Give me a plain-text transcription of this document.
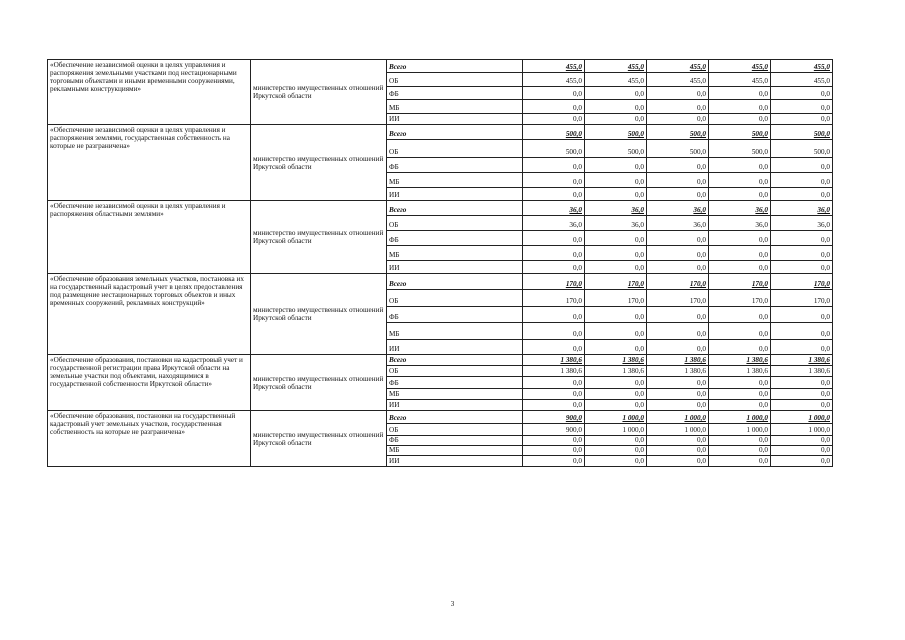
«Обеспечение независимой оценки в целях управления и распоряжения земельными участками под нестационарными торговыми объектами и иными временными сооружениями, рекламными конструкциями»	министерство имущественных отношений Иркутской области	Всего	455,0	455,0	455,0	455,0	455,0
		ОБ	455,0	455,0	455,0	455,0	455,0
		ФБ	0,0	0,0	0,0	0,0	0,0
		МБ	0,0	0,0	0,0	0,0	0,0
		ИИ	0,0	0,0	0,0	0,0	0,0
«Обеспечение независимой оценки в целях управления и распоряжения землями, государственная собственность на которые не разграничена»	министерство имущественных отношений Иркутской области	Всего	500,0	500,0	500,0	500,0	500,0
		ОБ	500,0	500,0	500,0	500,0	500,0
		ФБ	0,0	0,0	0,0	0,0	0,0
		МБ	0,0	0,0	0,0	0,0	0,0
		ИИ	0,0	0,0	0,0	0,0	0,0
«Обеспечение независимой оценки в целях управления и распоряжения областными землями»	министерство имущественных отношений Иркутской области	Всего	36,0	36,0	36,0	36,0	36,0
		ОБ	36,0	36,0	36,0	36,0	36,0
		ФБ	0,0	0,0	0,0	0,0	0,0
		МБ	0,0	0,0	0,0	0,0	0,0
		ИИ	0,0	0,0	0,0	0,0	0,0
«Обеспечение образования земельных участков, постановка их на государственный кадастровый учет в целях предоставления под размещение нестационарных торговых объектов и иных временных сооружений, рекламных конструкций»	министерство имущественных отношений Иркутской области	Всего	170,0	170,0	170,0	170,0	170,0
		ОБ	170,0	170,0	170,0	170,0	170,0
		ФБ	0,0	0,0	0,0	0,0	0,0
		МБ	0,0	0,0	0,0	0,0	0,0
		ИИ	0,0	0,0	0,0	0,0	0,0
«Обеспечение образования, постановки на кадастровый учет и государственной регистрации права Иркутской области на земельные участки под объектами, находящимися в государственной собственности Иркутской области»	министерство имущественных отношений Иркутской области	Всего	1 380,6	1 380,6	1 380,6	1 380,6	1 380,6
		ОБ	1 380,6	1 380,6	1 380,6	1 380,6	1 380,6
		ФБ	0,0	0,0	0,0	0,0	0,0
		МБ	0,0	0,0	0,0	0,0	0,0
		ИИ	0,0	0,0	0,0	0,0	0,0
«Обеспечение образования, постановки на государственный кадастровый учет земельных участков, государственная собственность на которые не разграничена»	министерство имущественных отношений Иркутской области	Всего	900,0	1 000,0	1 000,0	1 000,0	1 000,0
		ОБ	900,0	1 000,0	1 000,0	1 000,0	1 000,0
		ФБ	0,0	0,0	0,0	0,0	0,0
		МБ	0,0	0,0	0,0	0,0	0,0
		ИИ	0,0	0,0	0,0	0,0	0,0
3
